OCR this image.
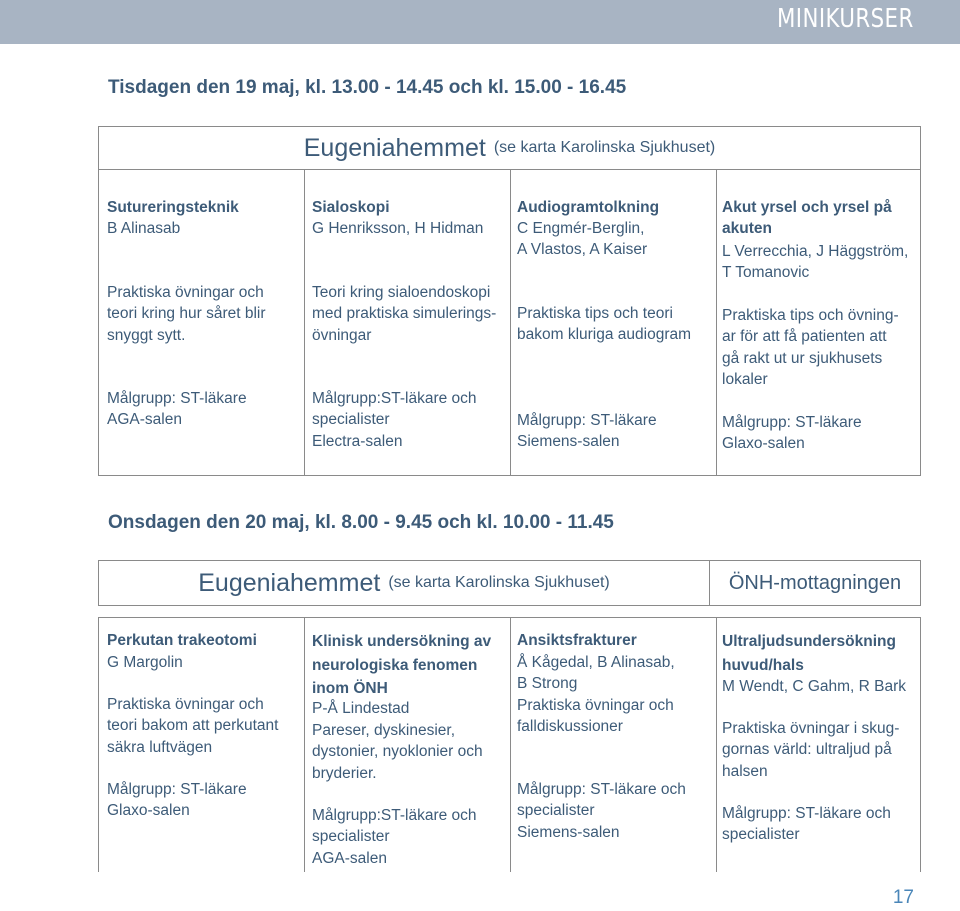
MINIKURSER
Tisdagen den 19 maj, kl. 13.00 - 14.45 och kl. 15.00 - 16.45
Eugeniahemmet (se karta Karolinska Sjukhuset)
Sutureringsteknik
B Alinasab
Praktiska övningar och
teori kring hur såret blir
snyggt sytt.
Målgrupp: ST-läkare
AGA-salen
Sialoskopi
G Henriksson, H Hidman
Teori kring sialoendoskopi
med praktiska simulerings-
övningar
Målgrupp:ST-läkare och
specialister
Electra-salen
Audiogramtolkning
C Engmér-Berglin,
A Vlastos, A Kaiser
Praktiska tips och teori
bakom kluriga audiogram
Målgrupp: ST-läkare
Siemens-salen
Akut yrsel och yrsel på
akuten
L Verrecchia, J Häggström,
T Tomanovic
Praktiska tips och övning-
ar för att få patienten att
gå rakt ut ur sjukhusets
lokaler
Målgrupp: ST-läkare
Glaxo-salen
Onsdagen den 20 maj, kl. 8.00 - 9.45 och kl. 10.00 - 11.45
Eugeniahemmet (se karta Karolinska Sjukhuset)	ÖNH-mottagningen
Perkutan trakeotomi
G Margolin
Praktiska övningar och
teori bakom att perkutant
säkra luftvägen
Målgrupp: ST-läkare
Glaxo-salen
Klinisk undersökning av
neurologiska fenomen
inom ÖNH
P-Å Lindestad
Pareser, dyskinesier,
dystonier, nyoklonier och
bryderier.
Målgrupp:ST-läkare och
specialister
AGA-salen
Ansiktsfrakturer
Å Kågedal, B Alinasab,
B Strong
Praktiska övningar och
falldiskussioner
Målgrupp: ST-läkare och
specialister
Siemens-salen
Ultraljudsundersökning
huvud/hals
M Wendt, C Gahm, R Bark
Praktiska övningar i skug-
gornas värld: ultraljud på
halsen
Målgrupp: ST-läkare och
specialister
17
